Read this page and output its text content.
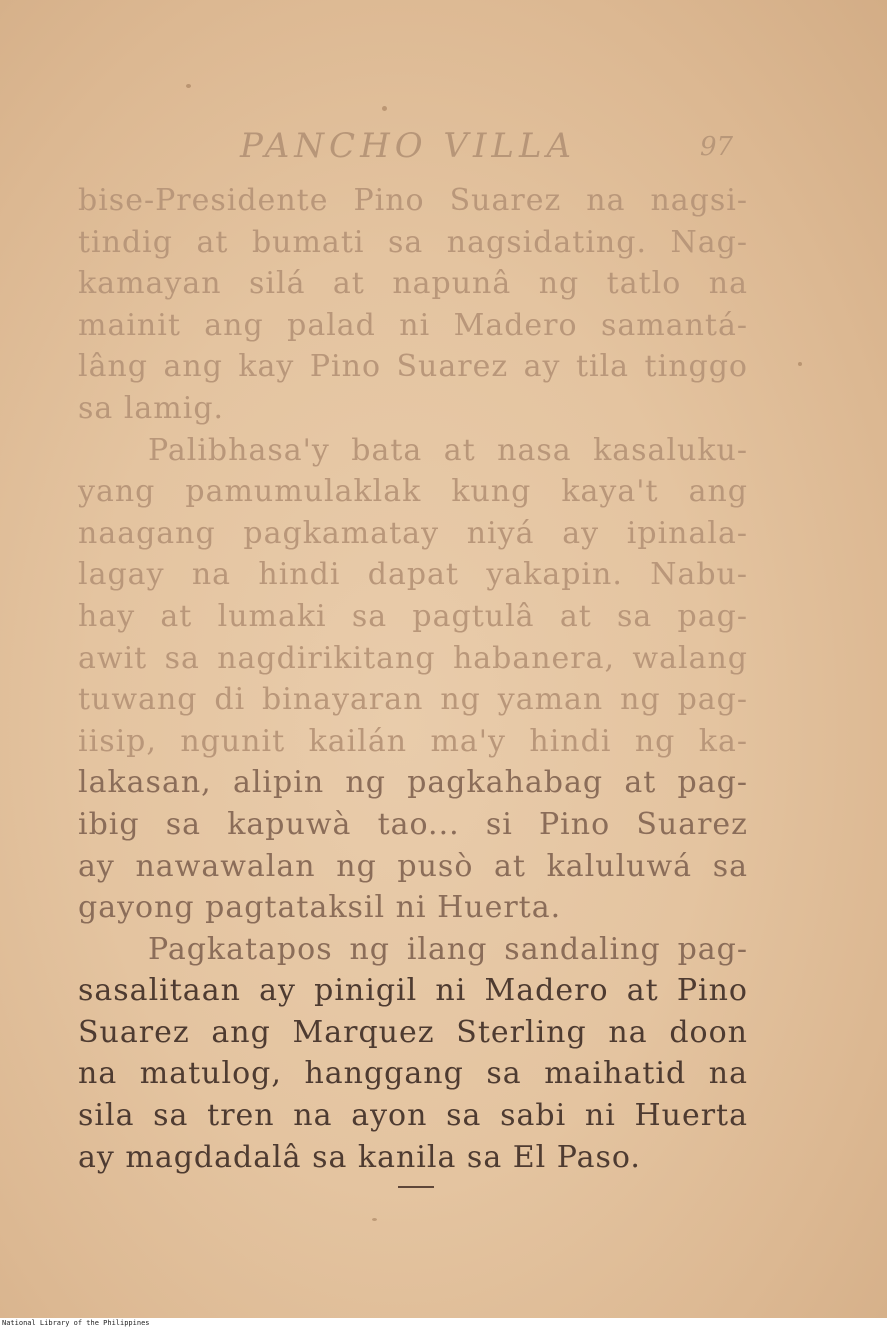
PANCHO VILLA	97
bise-Presidente Pino Suarez na nagsi-
tindig at bumati sa nagsidating. Nag-
kamayan silá at napunâ ng tatlo na
mainit ang palad ni Madero samantá-
lâng ang kay Pino Suarez ay tila tinggo
sa lamig.
Palibhasa'y bata at nasa kasaluku-
yang pamumulaklak kung kaya't ang
naagang pagkamatay niyá ay ipinala-
lagay na hindi dapat yakapin. Nabu-
hay at lumaki sa pagtulâ at sa pag-
awit sa nagdirikitang habanera, walang
tuwang di binayaran ng yaman ng pag-
iisip, ngunit kailán ma'y hindi ng ka-
lakasan, alipin ng pagkahabag at pag-
ibig sa kapuwà tao... si Pino Suarez
ay nawawalan ng pusò at kaluluwá sa
gayong pagtataksil ni Huerta.
Pagkatapos ng ilang sandaling pag-
sasalitaan ay pinigil ni Madero at Pino
Suarez ang Marquez Sterling na doon
na matulog, hanggang sa maihatid na
sila sa tren na ayon sa sabi ni Huerta
ay magdadalâ sa kanila sa El Paso.
National Library of the Philippines
